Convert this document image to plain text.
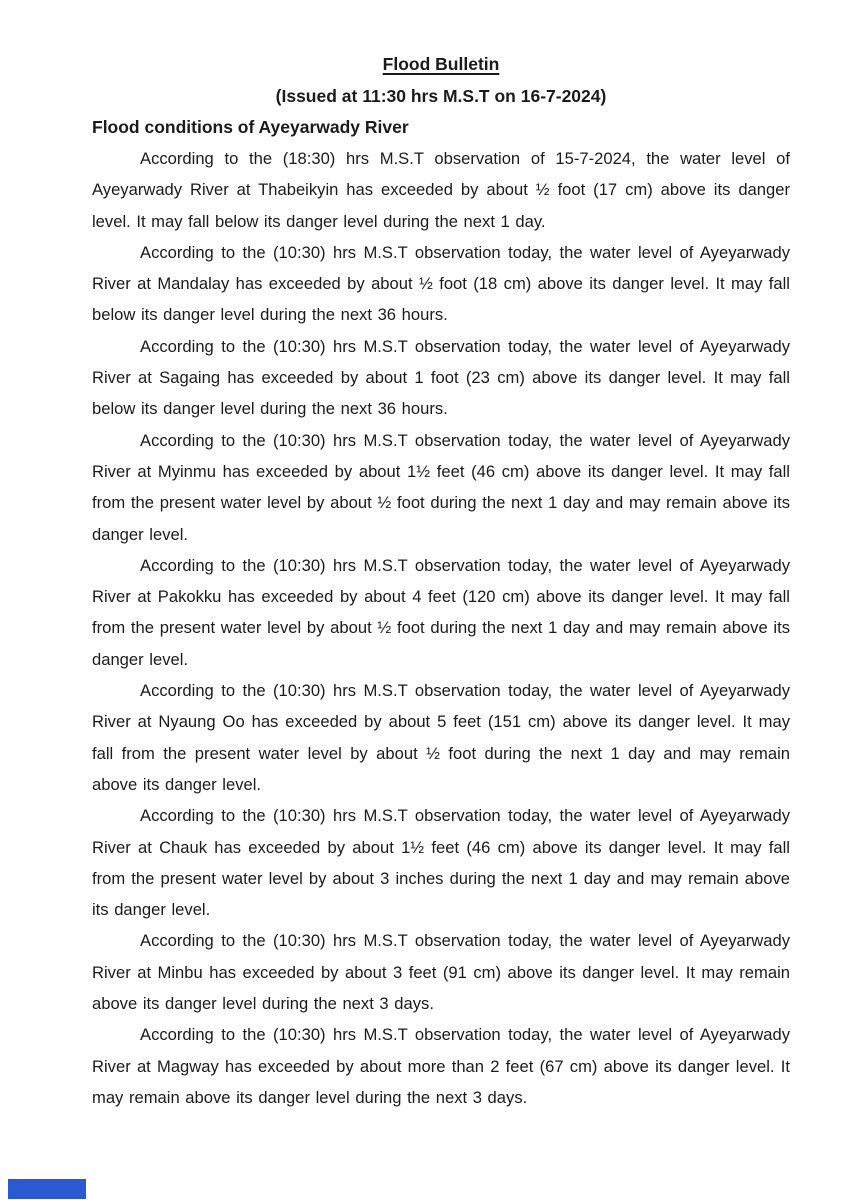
Flood Bulletin
(Issued at 11:30 hrs M.S.T on 16-7-2024)
Flood conditions of Ayeyarwady River

According to the (18:30) hrs M.S.T observation of 15-7-2024, the water level of Ayeyarwady River at Thabeikyin has exceeded by about ½ foot (17 cm) above its danger level. It may fall below its danger level during the next 1 day.

According to the (10:30) hrs M.S.T observation today, the water level of Ayeyarwady River at Mandalay has exceeded by about ½ foot (18 cm) above its danger level. It may fall below its danger level during the next 36 hours.

According to the (10:30) hrs M.S.T observation today, the water level of Ayeyarwady River at Sagaing has exceeded by about 1 foot (23 cm) above its danger level. It may fall below its danger level during the next 36 hours.

According to the (10:30) hrs M.S.T observation today, the water level of Ayeyarwady River at Myinmu has exceeded by about 1½ feet (46 cm) above its danger level. It may fall from the present water level by about ½ foot during the next 1 day and may remain above its danger level.

According to the (10:30) hrs M.S.T observation today, the water level of Ayeyarwady River at Pakokku has exceeded by about 4 feet (120 cm) above its danger level. It may fall from the present water level by about ½ foot during the next 1 day and may remain above its danger level.

According to the (10:30) hrs M.S.T observation today, the water level of Ayeyarwady River at Nyaung Oo has exceeded by about 5 feet (151 cm) above its danger level. It may fall from the present water level by about ½ foot during the next 1 day and may remain above its danger level.

According to the (10:30) hrs M.S.T observation today, the water level of Ayeyarwady River at Chauk has exceeded by about 1½ feet (46 cm) above its danger level. It may fall from the present water level by about 3 inches during the next 1 day and may remain above its danger level.

According to the (10:30) hrs M.S.T observation today, the water level of Ayeyarwady River at Minbu has exceeded by about 3 feet (91 cm) above its danger level. It may remain above its danger level during the next 3 days.

According to the (10:30) hrs M.S.T observation today, the water level of Ayeyarwady River at Magway has exceeded by about more than 2 feet (67 cm) above its danger level. It may remain above its danger level during the next 3 days.
